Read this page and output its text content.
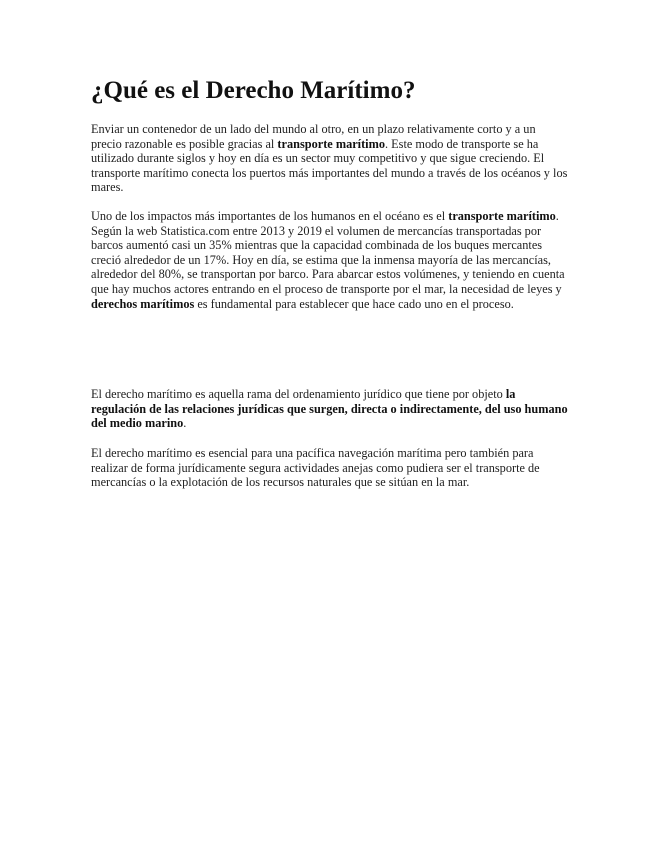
¿Qué es el Derecho Marítimo?

Enviar un contenedor de un lado del mundo al otro, en un plazo relativamente corto y a un precio razonable es posible gracias al transporte marítimo. Este modo de transporte se ha utilizado durante siglos y hoy en día es un sector muy competitivo y que sigue creciendo. El transporte marítimo conecta los puertos más importantes del mundo a través de los océanos y los mares.

Uno de los impactos más importantes de los humanos en el océano es el transporte marítimo. Según la web Statistica.com entre 2013 y 2019 el volumen de mercancías transportadas por barcos aumentó casi un 35% mientras que la capacidad combinada de los buques mercantes creció alrededor de un 17%. Hoy en día, se estima que la inmensa mayoría de las mercancías, alrededor del 80%, se transportan por barco. Para abarcar estos volúmenes, y teniendo en cuenta que hay muchos actores entrando en el proceso de transporte por el mar, la necesidad de leyes y derechos marítimos es fundamental para establecer que hace cado uno en el proceso.

El derecho marítimo es aquella rama del ordenamiento jurídico que tiene por objeto la regulación de las relaciones jurídicas que surgen, directa o indirectamente, del uso humano del medio marino.

El derecho marítimo es esencial para una pacífica navegación marítima pero también para realizar de forma jurídicamente segura actividades anejas como pudiera ser el transporte de mercancías o la explotación de los recursos naturales que se sitúan en la mar.
